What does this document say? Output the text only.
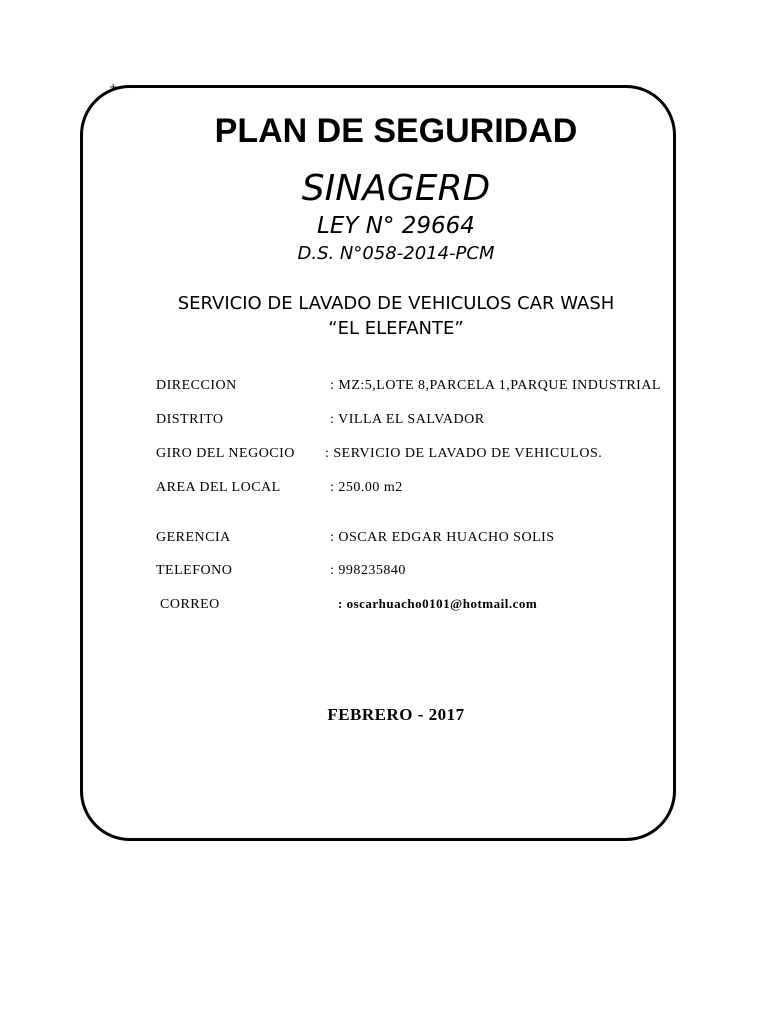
+
PLAN DE SEGURIDAD
SINAGERD
LEY N° 29664
D.S. N°058-2014-PCM
SERVICIO DE LAVADO DE VEHICULOS CAR WASH
“EL ELEFANTE”
DIRECCION	: MZ:5,LOTE 8,PARCELA 1,PARQUE INDUSTRIAL
DISTRITO	: VILLA EL SALVADOR
GIRO DEL NEGOCIO : SERVICIO DE LAVADO DE VEHICULOS.
AREA DEL LOCAL	: 250.00 m2
GERENCIA	: OSCAR EDGAR HUACHO SOLIS
TELEFONO	: 998235840
CORREO	: oscarhuacho0101@hotmail.com
FEBRERO - 2017
